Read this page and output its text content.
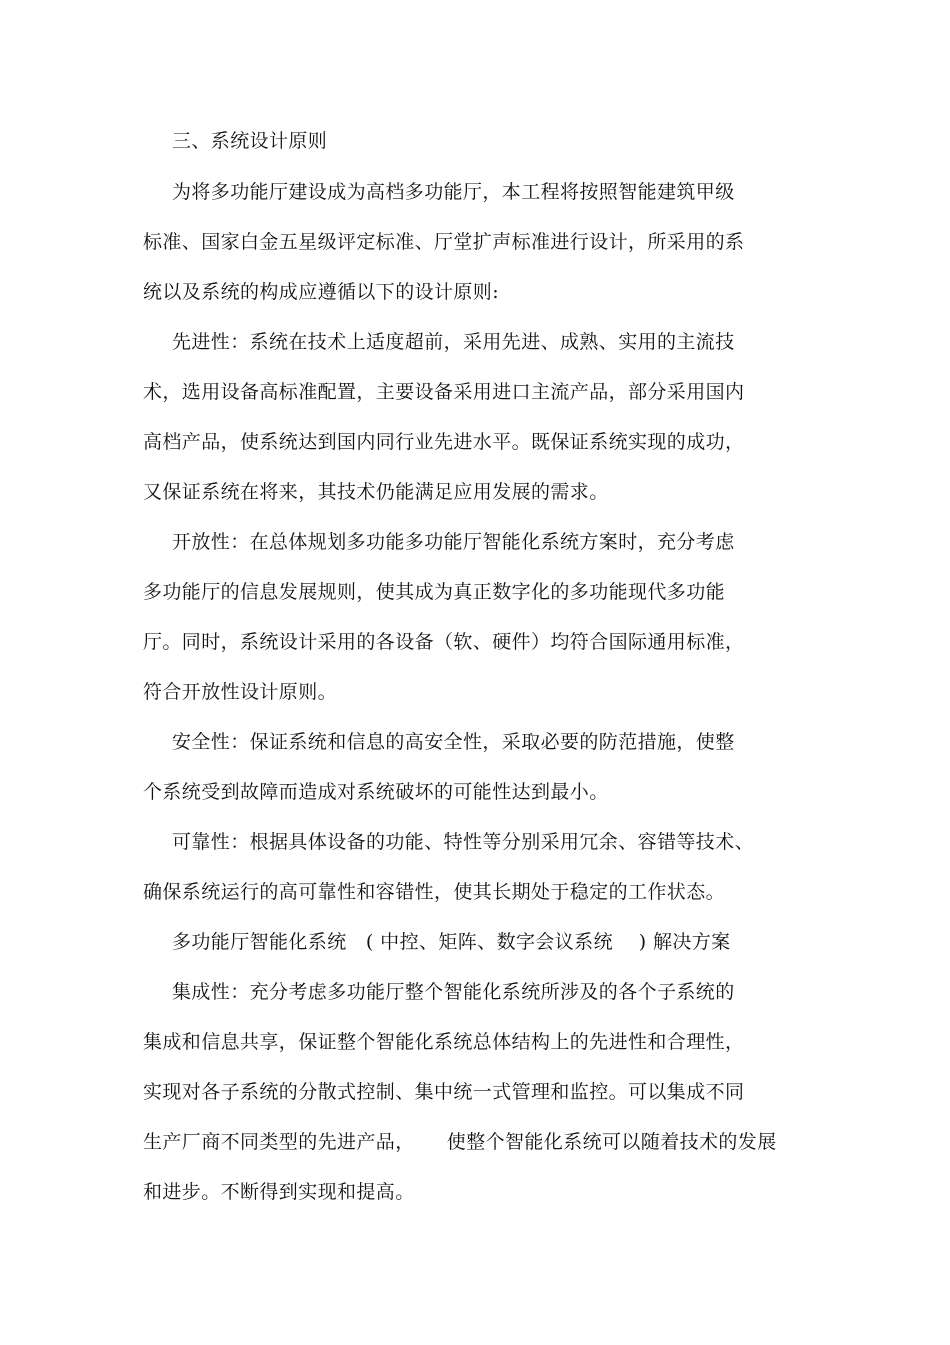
三、系统设计原则
为将多功能厅建设成为高档多功能厅，本工程将按照智能建筑甲级
标准、国家白金五星级评定标准、厅堂扩声标准进行设计，所采用的系
统以及系统的构成应遵循以下的设计原则:
先进性：系统在技术上适度超前，采用先进、成熟、实用的主流技
术，选用设备高标准配置，主要设备采用进口主流产品，部分采用国内
高档产品，使系统达到国内同行业先进水平。既保证系统实现的成功，
又保证系统在将来，其技术仍能满足应用发展的需求。
开放性：在总体规划多功能多功能厅智能化系统方案时，充分考虑
多功能厅的信息发展规则，使其成为真正数字化的多功能现代多功能
厅。同时，系统设计采用的各设备（软、硬件）均符合国际通用标准，
符合开放性设计原则。
安全性：保证系统和信息的高安全性，采取必要的防范措施，使整
个系统受到故障而造成对系统破坏的可能性达到最小。
可靠性：根据具体设备的功能、特性等分别采用冗余、容错等技术、
确保系统运行的高可靠性和容错性，使其长期处于稳定的工作状态。
多功能厅智能化系统   ( 中控、矩阵、数字会议系统    ) 解决方案
集成性：充分考虑多功能厅整个智能化系统所涉及的各个子系统的
集成和信息共享，保证整个智能化系统总体结构上的先进性和合理性，
实现对各子系统的分散式控制、集中统一式管理和监控。可以集成不同
生产厂商不同类型的先进产品，     使整个智能化系统可以随着技术的发展
和进步。不断得到实现和提高。
